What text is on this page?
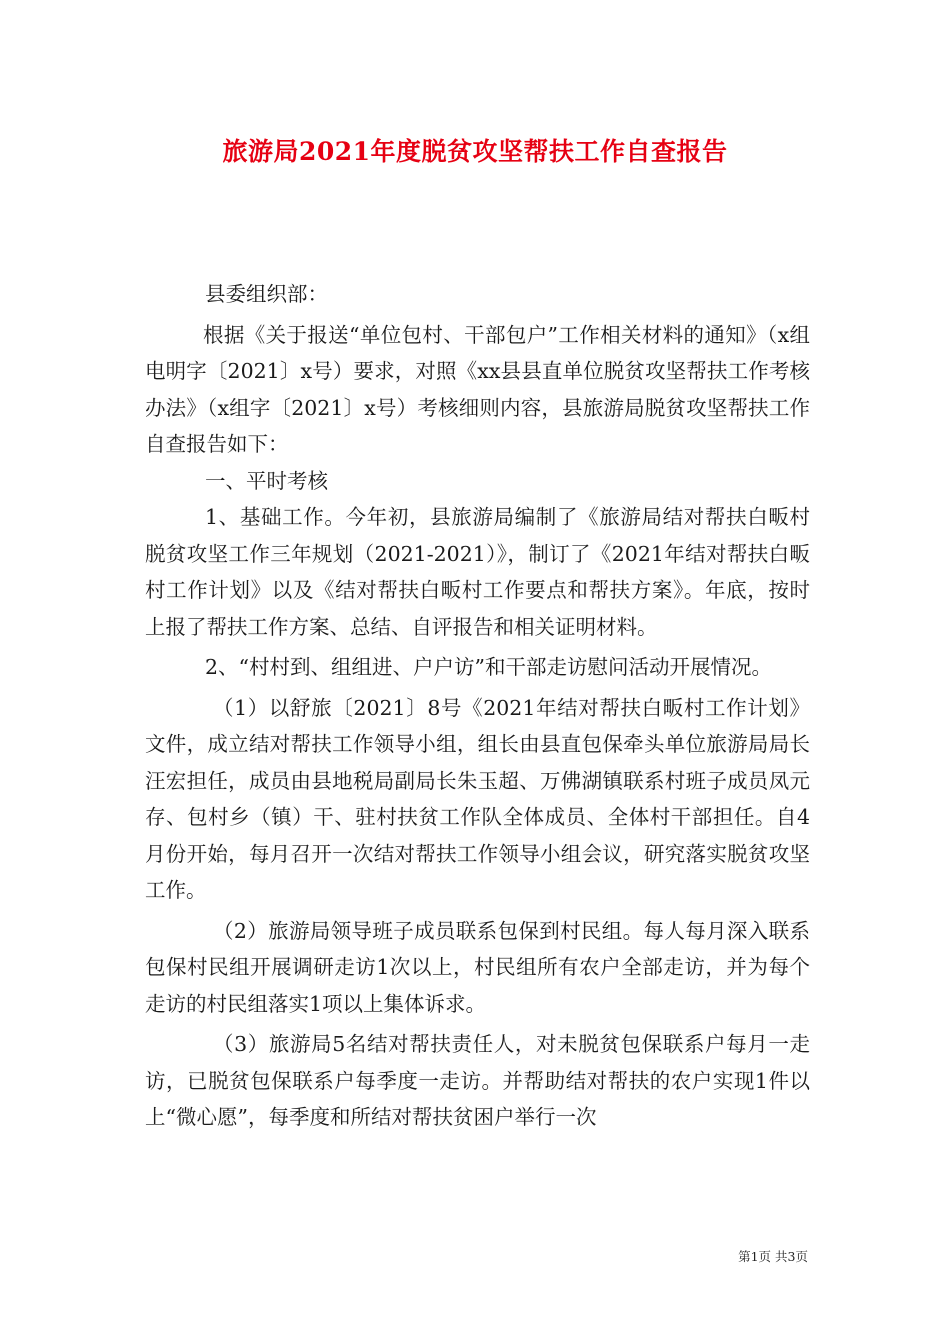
旅游局2021年度脱贫攻坚帮扶工作自查报告

县委组织部：

根据《关于报送“单位包村、干部包户”工作相关材料的通知》（x组电明字〔2021〕x号）要求，对照《xx县县直单位脱贫攻坚帮扶工作考核办法》（x组字〔2021〕x号）考核细则内容，县旅游局脱贫攻坚帮扶工作自查报告如下：

一、平时考核

1、基础工作。今年初，县旅游局编制了《旅游局结对帮扶白畈村脱贫攻坚工作三年规划（2021-2021）》，制订了《2021年结对帮扶白畈村工作计划》以及《结对帮扶白畈村工作要点和帮扶方案》。年底，按时上报了帮扶工作方案、总结、自评报告和相关证明材料。

2、“村村到、组组进、户户访”和干部走访慰问活动开展情况。

（1）以舒旅〔2021〕8号《2021年结对帮扶白畈村工作计划》文件，成立结对帮扶工作领导小组，组长由县直包保牵头单位旅游局局长汪宏担任，成员由县地税局副局长朱玉超、万佛湖镇联系村班子成员凤元存、包村乡（镇）干、驻村扶贫工作队全体成员、全体村干部担任。自4月份开始，每月召开一次结对帮扶工作领导小组会议，研究落实脱贫攻坚工作。

（2）旅游局领导班子成员联系包保到村民组。每人每月深入联系包保村民组开展调研走访1次以上，村民组所有农户全部走访，并为每个走访的村民组落实1项以上集体诉求。

（3）旅游局5名结对帮扶责任人，对未脱贫包保联系户每月一走访，已脱贫包保联系户每季度一走访。并帮助结对帮扶的农户实现1件以上“微心愿”，每季度和所结对帮扶贫困户举行一次

第1页 共3页
